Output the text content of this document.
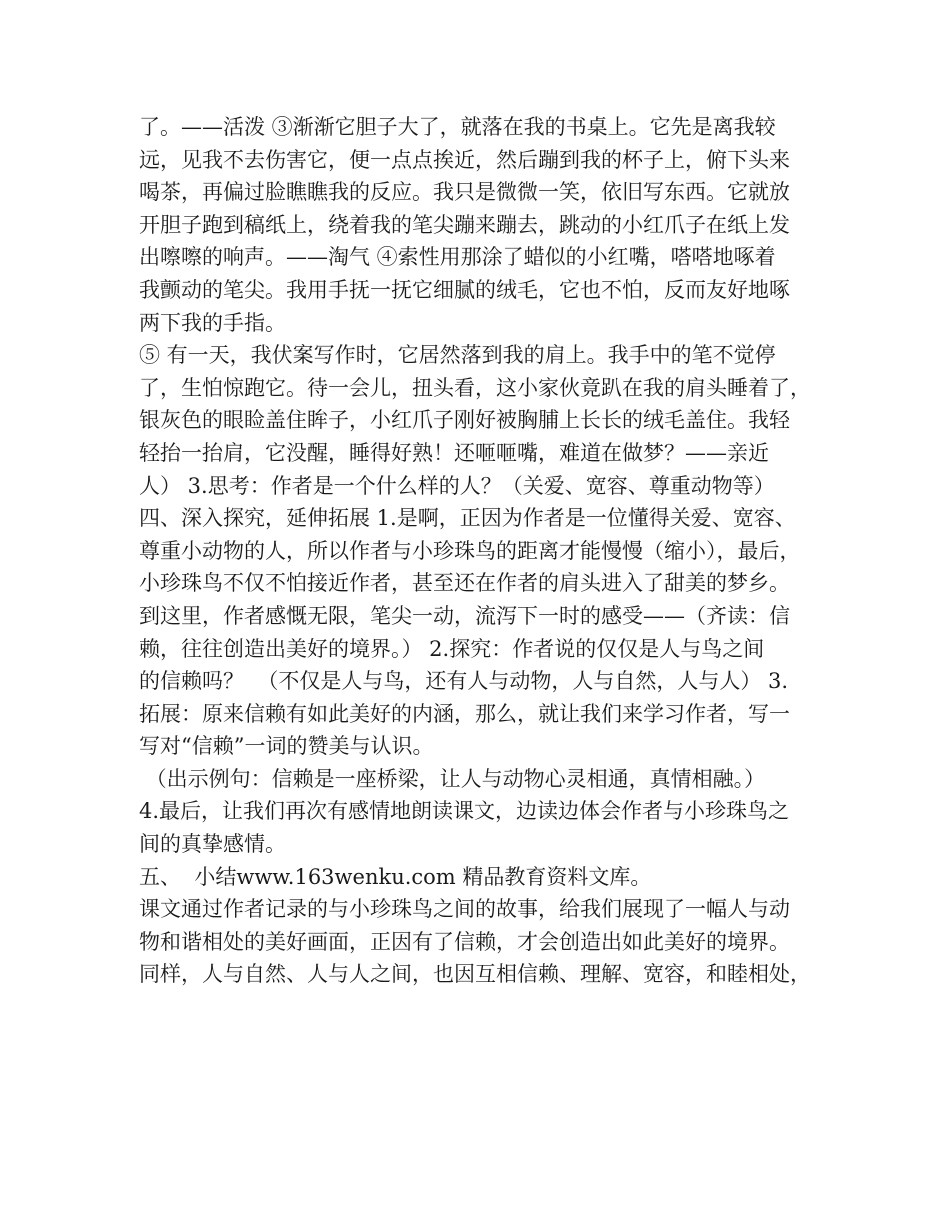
了。——活泼 ③渐渐它胆子大了，就落在我的书桌上。它先是离我较
远，见我不去伤害它，便一点点挨近，然后蹦到我的杯子上，俯下头来
喝茶，再偏过脸瞧瞧我的反应。我只是微微一笑，依旧写东西。它就放
开胆子跑到稿纸上，绕着我的笔尖蹦来蹦去，跳动的小红爪子在纸上发
出嚓嚓的响声。——淘气 ④索性用那涂了蜡似的小红嘴，嗒嗒地啄着
我颤动的笔尖。我用手抚一抚它细腻的绒毛，它也不怕，反而友好地啄
两下我的手指。
⑤ 有一天，我伏案写作时，它居然落到我的肩上。我手中的笔不觉停
了，生怕惊跑它。待一会儿，扭头看，这小家伙竟趴在我的肩头睡着了，
银灰色的眼睑盖住眸子，小红爪子刚好被胸脯上长长的绒毛盖住。我轻
轻抬一抬肩，它没醒，睡得好熟！还咂咂嘴，难道在做梦？——亲近
人） 3.思考：作者是一个什么样的人？（关爱、宽容、尊重动物等）
四、深入探究，延伸拓展 1.是啊，正因为作者是一位懂得关爱、宽容、
尊重小动物的人，所以作者与小珍珠鸟的距离才能慢慢（缩小），最后，
小珍珠鸟不仅不怕接近作者，甚至还在作者的肩头进入了甜美的梦乡。
到这里，作者感慨无限，笔尖一动，流泻下一时的感受——（齐读：信
赖，往往创造出美好的境界。） 2.探究：作者说的仅仅是人与鸟之间
的信赖吗？  （不仅是人与鸟，还有人与动物，人与自然，人与人） 3.
拓展：原来信赖有如此美好的内涵，那么，就让我们来学习作者，写一
写对“信赖”一词的赞美与认识。
（出示例句：信赖是一座桥梁，让人与动物心灵相通，真情相融。）
4.最后，让我们再次有感情地朗读课文，边读边体会作者与小珍珠鸟之
间的真挚感情。
五、  小结www.163wenku.com 精品教育资料文库。
课文通过作者记录的与小珍珠鸟之间的故事，给我们展现了一幅人与动
物和谐相处的美好画面，正因有了信赖，才会创造出如此美好的境界。
同样，人与自然、人与人之间，也因互相信赖、理解、宽容，和睦相处，
